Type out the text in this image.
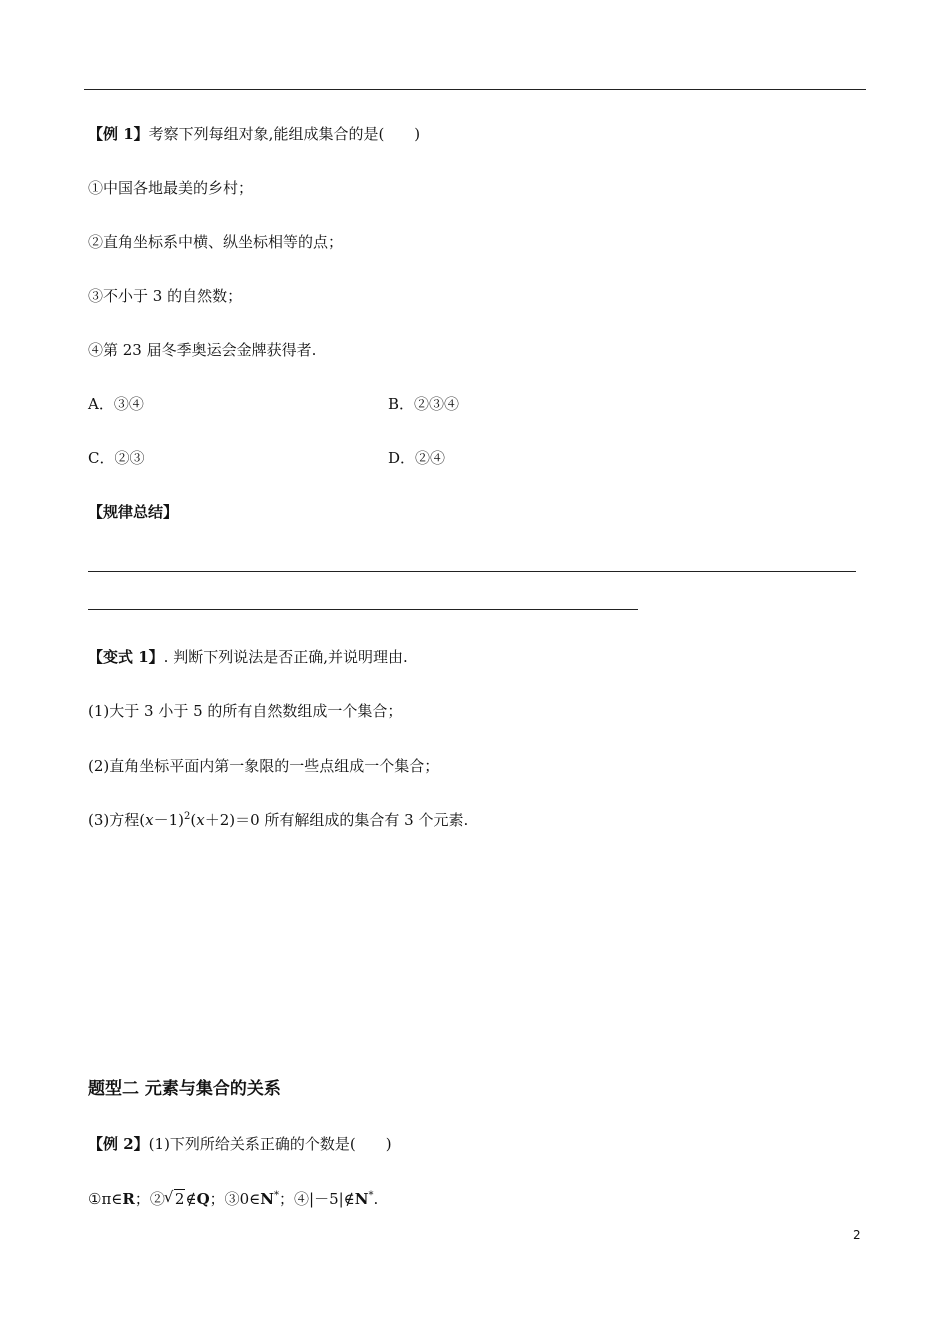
【例 1】考察下列每组对象,能组成集合的是(　　)
①中国各地最美的乡村；
②直角坐标系中横、纵坐标相等的点；
③不小于 3 的自然数；
④第 23 届冬季奥运会金牌获得者.
A．③④	B．②③④
C．②③	D．②④
【规律总结】
【变式 1】. 判断下列说法是否正确,并说明理由.
(1)大于 3 小于 5 的所有自然数组成一个集合；
(2)直角坐标平面内第一象限的一些点组成一个集合；
(3)方程$(x-1)^2(x+2)=0$ 所有解组成的集合有 3 个元素.
题型二 元素与集合的关系
【例 2】(1)下列所给关系正确的个数是(　　)
①π∈R；②√ 2∉Q；③0∈N*；④|－5|∉N*.
2
